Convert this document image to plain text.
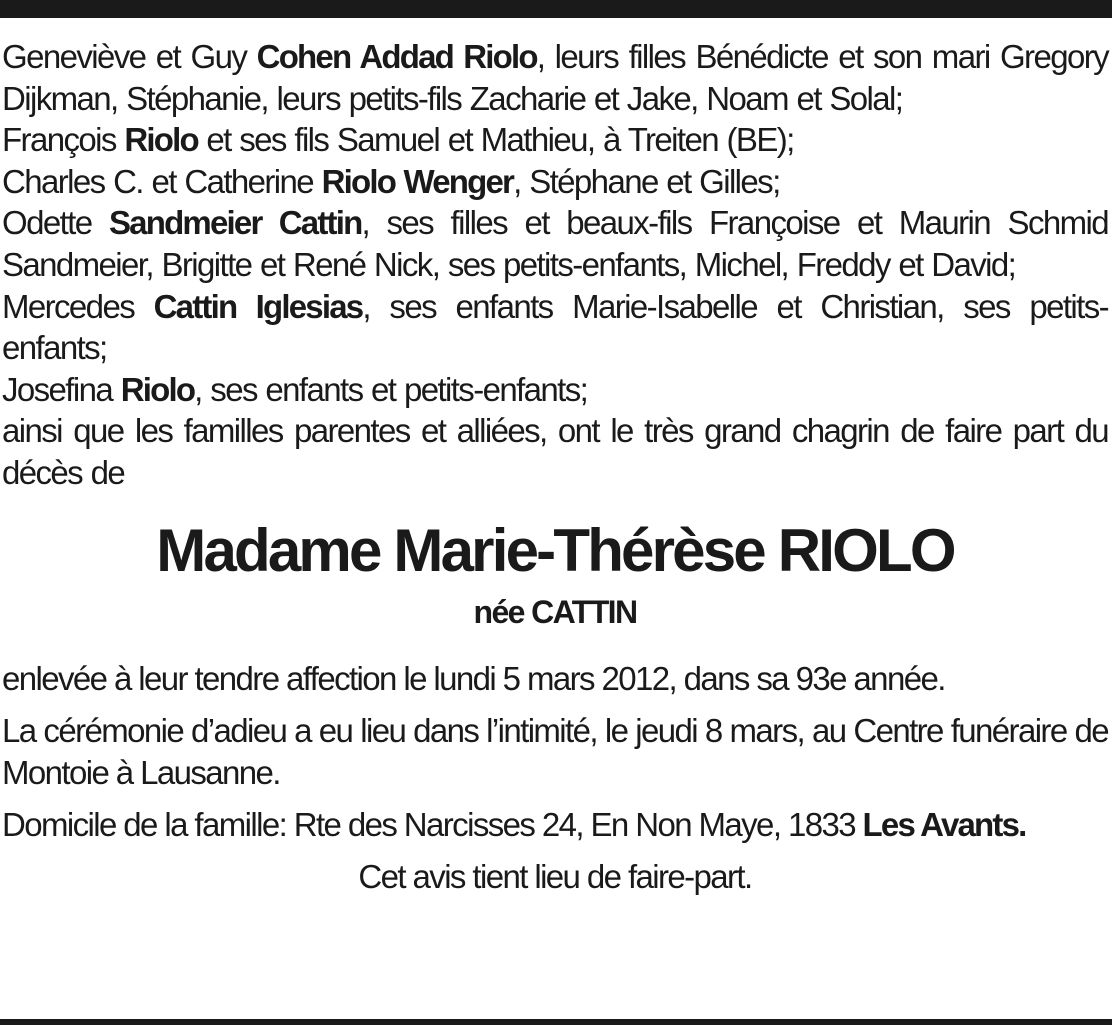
Geneviève et Guy Cohen Addad Riolo, leurs filles Bénédicte et son mari Gregory Dijkman, Stéphanie, leurs petits-fils Zacharie et Jake, Noam et Solal;

François Riolo et ses fils Samuel et Mathieu, à Treiten (BE);

Charles C. et Catherine Riolo Wenger, Stéphane et Gilles;

Odette Sandmeier Cattin, ses filles et beaux-fils Françoise et Maurin Schmid Sandmeier, Brigitte et René Nick, ses petits-enfants, Michel, Freddy et David;

Mercedes Cattin Iglesias, ses enfants Marie-Isabelle et Christian, ses petits-enfants;

Josefina Riolo, ses enfants et petits-enfants;

ainsi que les familles parentes et alliées, ont le très grand chagrin de faire part du décès de

Madame Marie-Thérèse RIOLO
née CATTIN

enlevée à leur tendre affection le lundi 5 mars 2012, dans sa 93e année.

La cérémonie d’adieu a eu lieu dans l’intimité, le jeudi 8 mars, au Centre funéraire de Montoie à Lausanne.

Domicile de la famille: Rte des Narcisses 24, En Non Maye, 1833 Les Avants.

Cet avis tient lieu de faire-part.
